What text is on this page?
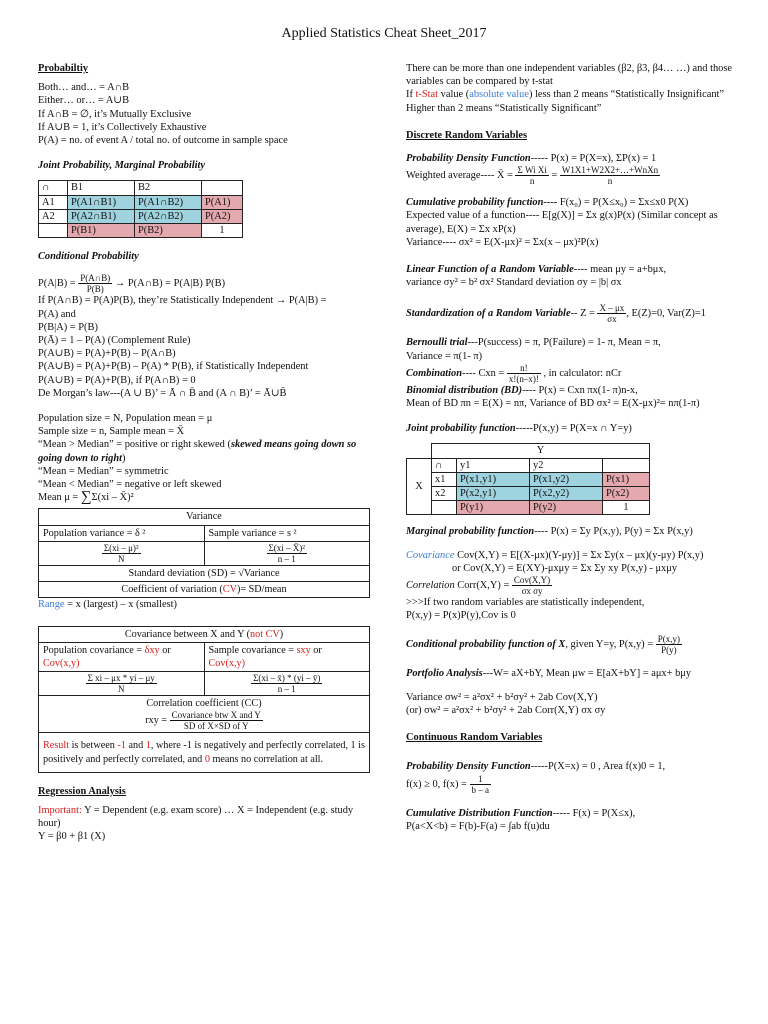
Applied Statistics Cheat Sheet_2017
Probabiltiy
Both… and… = A∩B
Either… or… = A∪B
If A∩B = ∅, it’s Mutually Exclusive
If A∪B = 1, it’s Collectively Exhaustive
P(A) = no. of event A / total no. of outcome in sample space
Joint Probability, Marginal Probability
∩	B1	B2	
A1	P(A1∩B1)	P(A1∩B2)	P(A1)
A2	P(A2∩B1)	P(A2∩B2)	P(A2)
	P(B1)	P(B2)	1
Conditional Probability
$P(A|B) = \frac{P(A\cap B)}{P(B)}$ → P(A∩B) = P(A|B) P(B)
If P(A∩B) = P(A)P(B), they’re Statistically Independent → P(A|B) =
P(A) and
P(B|A) = P(B)
P(Ā) = 1 – P(A) (Complement Rule)
P(A∪B) = P(A)+P(B) – P(A∩B)
P(A∪B) = P(A)+P(B) – P(A) * P(B), if Statistically Independent
P(A∪B) = P(A)+P(B), if P(A∩B) = 0
De Morgan’s law---(A ∪ B)’ = Ā ∩ B̄ and (A ∩ B)’ = Ā∪B̄
Population size = N, Population mean = μ
Sample size = n, Sample mean = X̄
“Mean > Median” = positive or right skewed (skewed means going down so going down to right)
“Mean = Median” = symmetric
“Mean < Median” = negative or left skewed
Mean μ = ∑Σ(xi – X̄)²
Variance	
Population variance = δ ²	Sample variance = s ²

$\frac{\text{Σ(xi – μ)²}}{N}$	$\frac{\text{Σ(xi – X̄)²}}{n - 1}$

Standard deviation (SD) = √Variance	
Coefficient of variation (CV)= SD/mean	
Range = x (largest) – x (smallest)
Covariance between X and Y (not CV)	
Population covariance = δxy or
Cov(x,y)	Sample covariance = sxy or
Cov(x,y)

$\frac{\text{Σ xi – μx * yi – μy}}{N}$	$\frac{\Sigma(xi - x̄) * (yi - ȳ)}{n - 1}$

Correlation coefficient (CC)
rxy = $\frac{\text{Covariance btw X and Y}}{\text{SD of X×SD of Y}}$

Result is between -1 and 1, where -1 is negatively and perfectly correlated, 1 is positively and perfectly correlated, and 0 means no correlation at all.	
Regression Analysis
Important: Y = Dependent (e.g. exam score) … X = Independent (e.g. study hour)
Y = β0 + β1 (X)
There can be more than one independent variables (β2, β3, β4… …) and those variables can be compared by t-stat
If t-Stat value (absolute value) less than 2 means “Statistically Insignificant”
Higher than 2 means “Statistically Significant”
Discrete Random Variables
Probability Density Function----- P(x) = P(X=x), ΣP(x) = 1
Weighted average---- X̄ = $\frac{\text{Σ Wi Xi}}{n} = \frac{\text{W1X1+W2X2+…+WnXn}}{n}$
Cumulative probability function---- F(x₀) = P(X≤x₀) = Σx≤x0 P(X)
Expected value of a function---- E[g(X)] = Σx g(x)P(x) (Similar concept as average), E(X) = Σx xP(x)
Variance---- σx² = E(X-μx)² = Σx(x – μx)²P(x)
Linear Function of a Random Variable---- mean μy = a+bμx,
variance σy² = b² σx² Standard deviation σy = |b| σx
Standardization of a Random Variable-- $Z = \frac{X - \mu x}{\sigma x}$ , E(Z)=0, Var(Z)=1
Bernoulli trial---P(success) = π, P(Failure) = 1- π, Mean = π,
Variance = π(1- π)
Combination---- Cxn = $\frac{n!}{x!(n-x)!}$ , in calculator: nCr
Binomial distribution (BD)---- P(x) = Cxn πx(1- π)n-x,
Mean of BD πn = E(X) = nπ, Variance of BD σx² = E(X-μx)²= nπ(1-π)
Joint probability function-----P(x,y) = P(X=x ∩ Y=y)
	Y			
X	∩	y1	y2	
	x1	P(x1,y1)	P(x1,y2)	P(x1)
	x2	P(x2,y1)	P(x2,y2)	P(x2)
		P(y1)	P(y2)	1
Marginal probability function---- P(x) = Σy P(x,y), P(y) = Σx P(x,y)
Covariance Cov(X,Y) = E[(X-μx)(Y-μy)] = Σx Σy(x – μx)(y-μy) P(x,y)
or Cov(X,Y) = E(XY)-μxμy = Σx Σy xy P(x,y) - μxμy
Correlation Corr(X,Y) = $\frac{\text{Cov(X,Y)}}{\text{σx σy}}$
>>>If two random variables are statistically independent,
P(x,y) = P(x)P(y),Cov is 0
Conditional probability function of X, given Y=y, $P(x,y) = \frac{P(x,y)}{P(y)}$
Portfolio Analysis---W= aX+bY, Mean μw = E[aX+bY] = aμx+ bμy
Variance σw² = a²σx² + b²σy² + 2ab Cov(X,Y)
(or) σw² = a²σx² + b²σy² + 2ab Corr(X,Y) σx σy
Continuous Random Variables
Probability Density Function-----P(X=x) = 0 , Area f(x)0 = 1,
f(x) ≥ 0, $f(x) = \frac{1}{b - a}$
Cumulative Distribution Function----- F(x) = P(X≤x),
P(a<X<b) = F(b)-F(a) = ∫ab f(u)du
